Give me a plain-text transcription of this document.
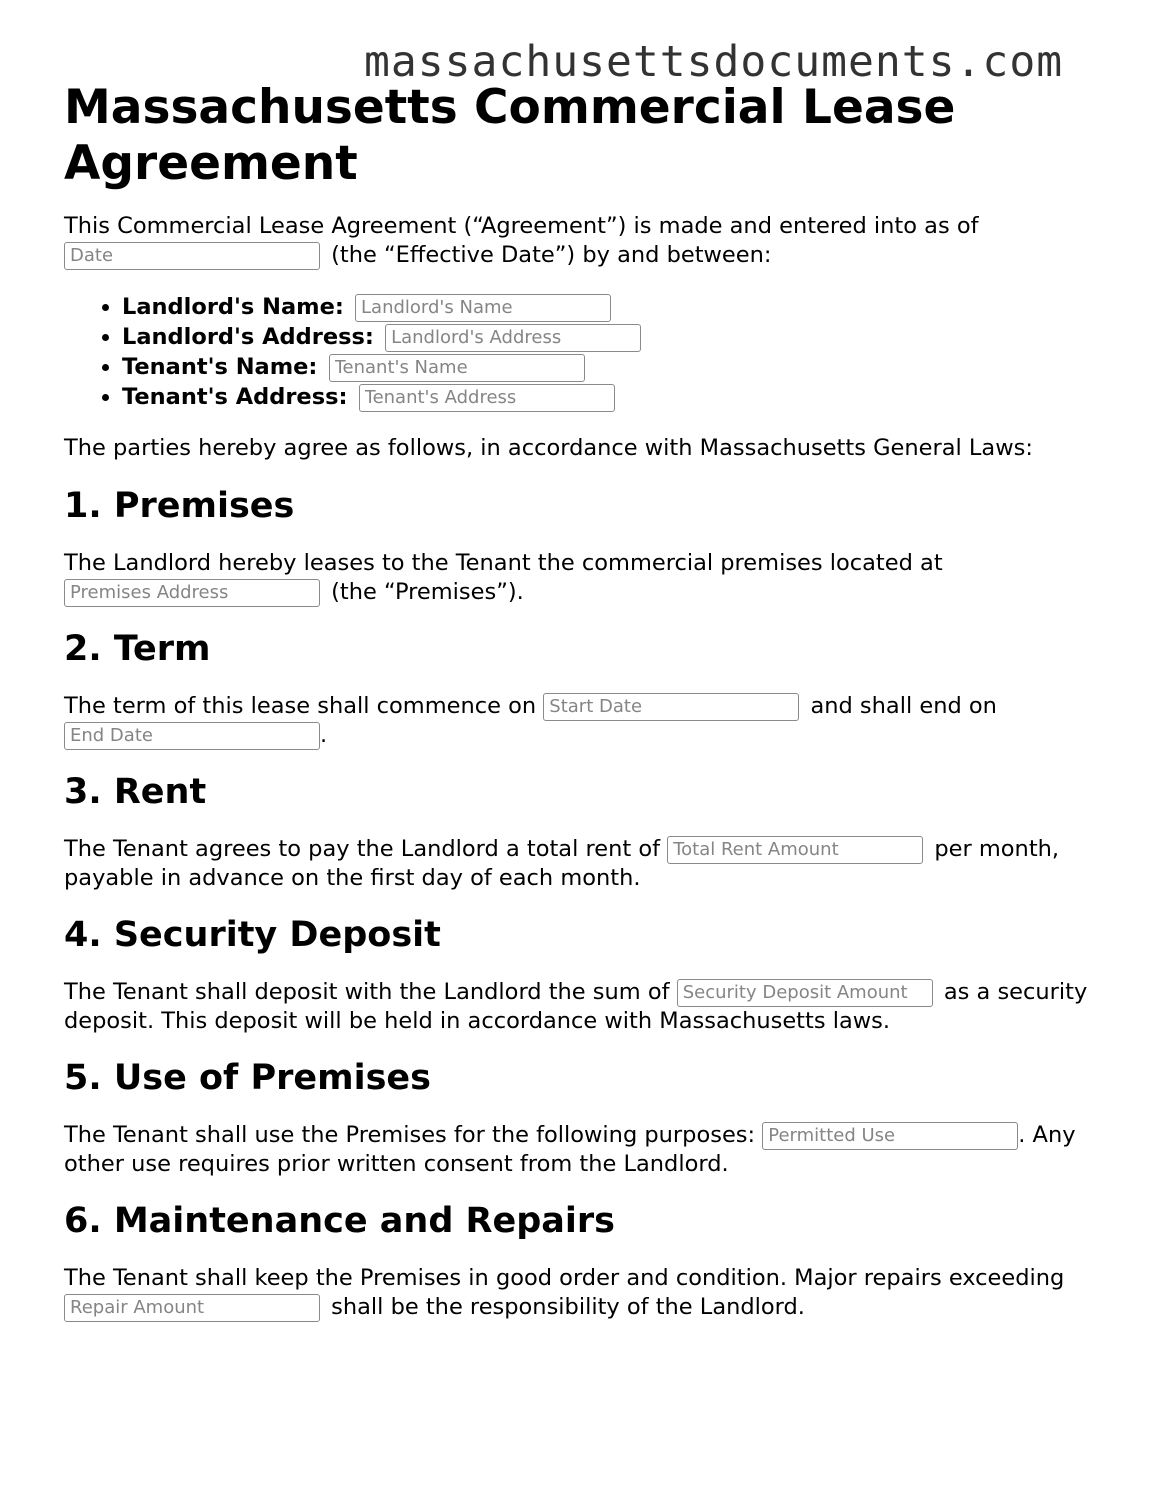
massachusettsdocuments.com
Massachusetts Commercial Lease Agreement

This Commercial Lease Agreement (“Agreement”) is made and entered into as of Date (the “Effective Date”) by and between:

• Landlord's Name: Landlord's Name
• Landlord's Address: Landlord's Address
• Tenant's Name: Tenant's Name
• Tenant's Address: Tenant's Address

The parties hereby agree as follows, in accordance with Massachusetts General Laws:

1. Premises

The Landlord hereby leases to the Tenant the commercial premises located at Premises Address (the “Premises”).

2. Term

The term of this lease shall commence on Start Date	and shall end on End Date.

3. Rent

The Tenant agrees to pay the Landlord a total rent of Total Rent Amount	per month, payable in advance on the first day of each month.

4. Security Deposit

The Tenant shall deposit with the Landlord the sum of Security Deposit Amount	as a security deposit. This deposit will be held in accordance with Massachusetts laws.

5. Use of Premises

The Tenant shall use the Premises for the following purposes: Permitted Use	. Any other use requires prior written consent from the Landlord.

6. Maintenance and Repairs

The Tenant shall keep the Premises in good order and condition. Major repairs exceeding Repair Amount shall be the responsibility of the Landlord.
